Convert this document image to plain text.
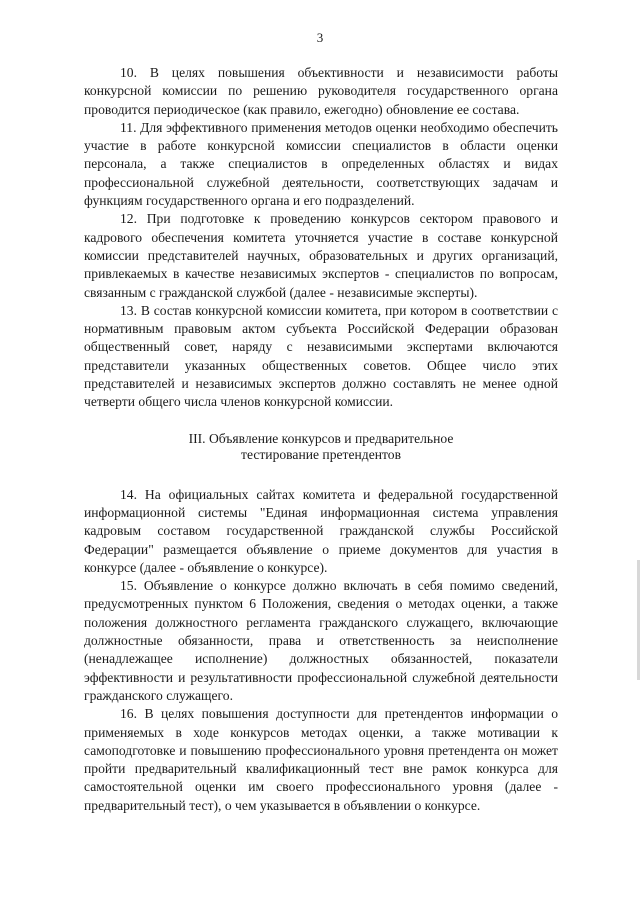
3

10. В целях повышения объективности и независимости работы конкурсной комиссии по решению руководителя государственного органа проводится периодическое (как правило, ежегодно) обновление ее состава.

11. Для эффективного применения методов оценки необходимо обеспечить участие в работе конкурсной комиссии специалистов в области оценки персонала, а также специалистов в определенных областях и видах профессиональной служебной деятельности, соответствующих задачам и функциям государственного органа и его подразделений.

12. При подготовке к проведению конкурсов сектором правового и кадрового обеспечения комитета уточняется участие в составе конкурсной комиссии представителей научных, образовательных и других организаций, привлекаемых в качестве независимых экспертов - специалистов по вопросам, связанным с гражданской службой (далее - независимые эксперты).

13. В состав конкурсной комиссии комитета, при котором в соответствии с нормативным правовым актом субъекта Российской Федерации образован общественный совет, наряду с независимыми экспертами включаются представители указанных общественных советов. Общее число этих представителей и независимых экспертов должно составлять не менее одной четверти общего числа членов конкурсной комиссии.

III. Объявление конкурсов и предварительное
тестирование претендентов

14. На официальных сайтах комитета и федеральной государственной информационной системы "Единая информационная система управления кадровым составом государственной гражданской службы Российской Федерации" размещается объявление о приеме документов для участия в конкурсе (далее - объявление о конкурсе).

15. Объявление о конкурсе должно включать в себя помимо сведений, предусмотренных пунктом 6 Положения, сведения о методах оценки, а также положения должностного регламента гражданского служащего, включающие должностные обязанности, права и ответственность за неисполнение (ненадлежащее исполнение) должностных обязанностей, показатели эффективности и результативности профессиональной служебной деятельности гражданского служащего.

16. В целях повышения доступности для претендентов информации о применяемых в ходе конкурсов методах оценки, а также мотивации к самоподготовке и повышению профессионального уровня претендента он может пройти предварительный квалификационный тест вне рамок конкурса для самостоятельной оценки им своего профессионального уровня (далее - предварительный тест), о чем указывается в объявлении о конкурсе.
